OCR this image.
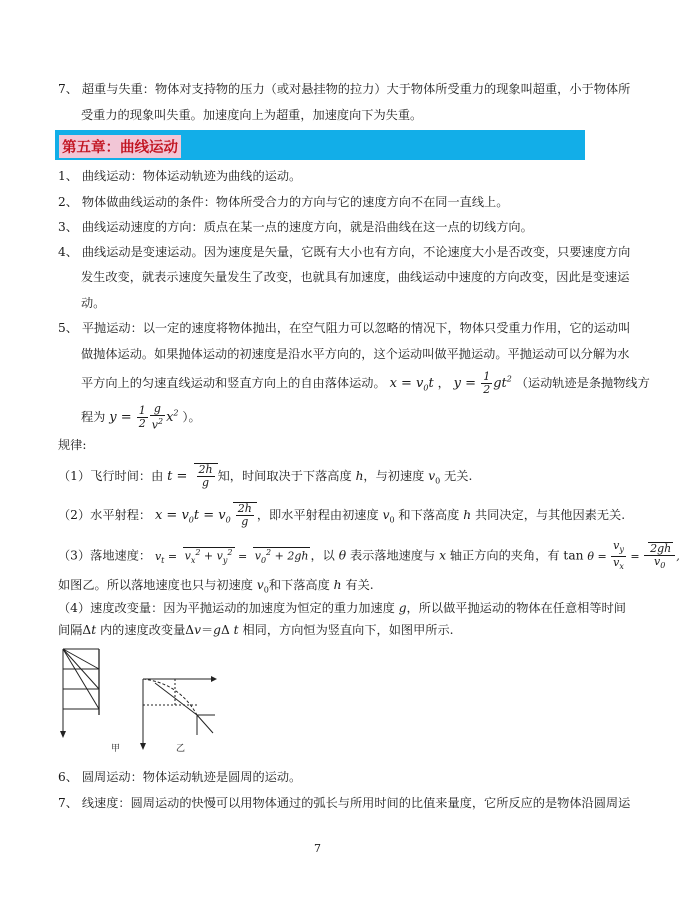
7、 超重与失重：物体对支持物的压力（或对悬挂物的拉力）大于物体所受重力的现象叫超重，小于物体所
受重力的现象叫失重。加速度向上为超重，加速度向下为失重。
第五章：曲线运动
1、 曲线运动：物体运动轨迹为曲线的运动。
2、 物体做曲线运动的条件：物体所受合力的方向与它的速度方向不在同一直线上。
3、 曲线运动速度的方向：质点在某一点的速度方向，就是沿曲线在这一点的切线方向。
4、 曲线运动是变速运动。因为速度是矢量，它既有大小也有方向，不论速度大小是否改变，只要速度方向
发生改变，就表示速度矢量发生了改变，也就具有加速度，曲线运动中速度的方向改变，因此是变速运
动。
5、 平抛运动：以一定的速度将物体抛出，在空气阻力可以忽略的情况下，物体只受重力作用，它的运动叫
做抛体运动。如果抛体运动的初速度是沿水平方向的，这个运动叫做平抛运动。平抛运动可以分解为水
平方向上的匀速直线运动和竖直方向上的自由落体运动。 $x = v_0t$ ， $y = \frac{1}{2} gt^2$ （运动轨迹是条抛物线方
程为 $y = \frac{1}{2} \frac{g}{v^2} x^2$ ）。
规律:
（1）飞行时间：由 $t = \frac{2h}{g}$ 知，时间取决于下落高度 h，与初速度 $v_0$ 无关.
（2）水平射程： $x = v_0t = v_0 \frac{2h}{g}$ ，即水平射程由初速度 $v_0$ 和下落高度 h 共同决定，与其他因素无关.
（3）落地速度： $v_t = v_x^2 + v_y^2 = v_0^2 + 2gh$ ，以 θ 表示落地速度与 x 轴正方向的夹角，有 $\tan \theta = \frac{v_y}{v_x} = \frac{2gh}{v_0}$ ,
如图乙。所以落地速度也只与初速度 $v_0$和下落高度 h 有关.
（4）速度改变量：因为平抛运动的加速度为恒定的重力加速度 g，所以做平抛运动的物体在任意相等时间
间隔Δt 内的速度改变量Δv＝gΔ t 相同，方向恒为竖直向下，如图甲所示.
甲	乙
6、 圆周运动：物体运动轨迹是圆周的运动。
7、 线速度：圆周运动的快慢可以用物体通过的弧长与所用时间的比值来量度，它所反应的是物体沿圆周运
7
